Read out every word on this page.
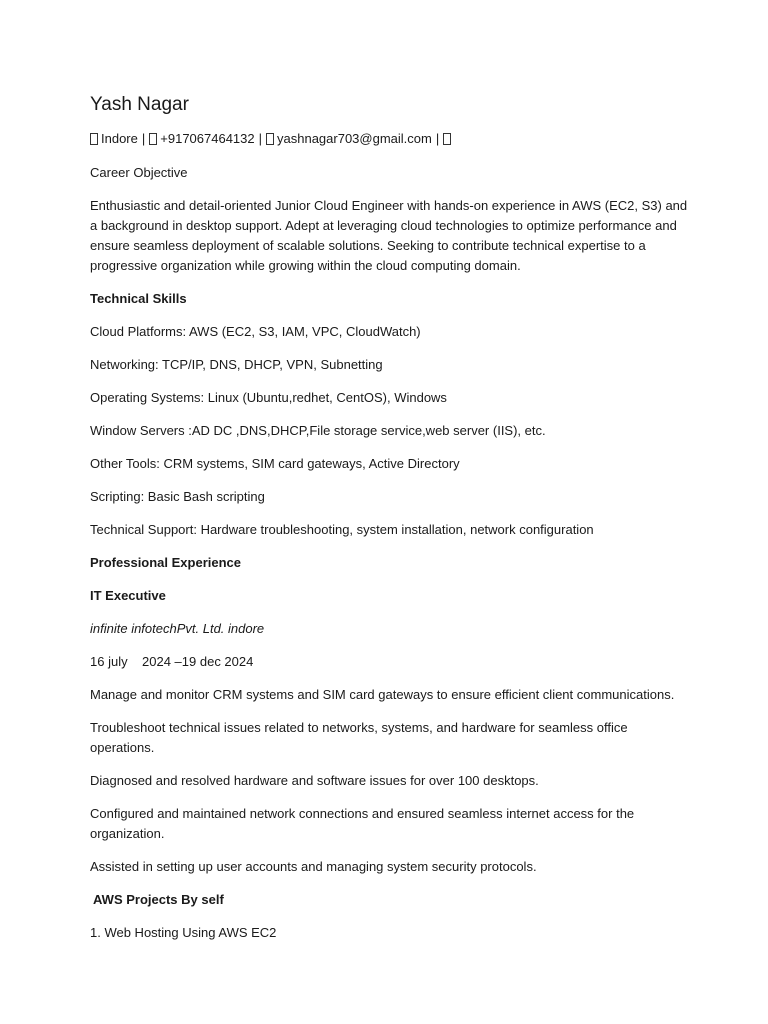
Yash Nagar
Indore | +917067464132 | yashnagar703@gmail.com |

Career Objective

Enthusiastic and detail-oriented Junior Cloud Engineer with hands-on experience in AWS (EC2, S3) and a background in desktop support. Adept at leveraging cloud technologies to optimize performance and ensure seamless deployment of scalable solutions. Seeking to contribute technical expertise to a progressive organization while growing within the cloud computing domain.

Technical Skills

Cloud Platforms: AWS (EC2, S3, IAM, VPC, CloudWatch)

Networking: TCP/IP, DNS, DHCP, VPN, Subnetting

Operating Systems: Linux (Ubuntu,redhet, CentOS), Windows

Window Servers :AD DC ,DNS,DHCP,File storage service,web server (IIS), etc.

Other Tools: CRM systems, SIM card gateways, Active Directory

Scripting: Basic Bash scripting

Technical Support: Hardware troubleshooting, system installation, network configuration

Professional Experience

IT Executive

infinite infotechPvt. Ltd. indore

16 july    2024 –19 dec 2024

Manage and monitor CRM systems and SIM card gateways to ensure efficient client communications.

Troubleshoot technical issues related to networks, systems, and hardware for seamless office operations.

Diagnosed and resolved hardware and software issues for over 100 desktops.

Configured and maintained network connections and ensured seamless internet access for the organization.

Assisted in setting up user accounts and managing system security protocols.

AWS Projects By self

1. Web Hosting Using AWS EC2
